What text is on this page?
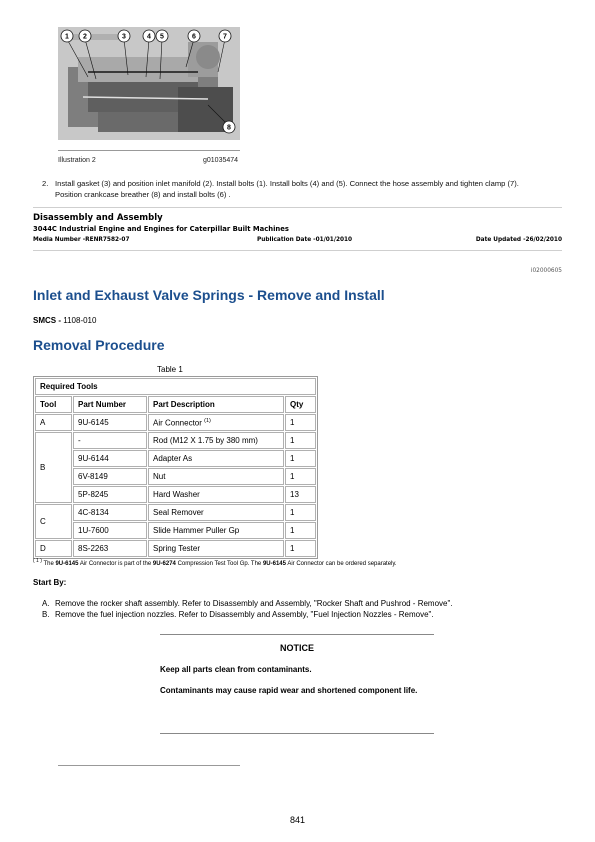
1 2	3	4 5	6	7
8
Illustration 2	g01035474
2. Install gasket (3) and position inlet manifold (2). Install bolts (1). Install bolts (4) and (5). Connect the hose assembly and tighten clamp (7). Position crankcase breather (8) and install bolts (6) .
Disassembly and Assembly
3044C Industrial Engine and Engines for Caterpillar Built Machines
Media Number -RENR7582-07	Publication Date -01/01/2010	Date Updated -26/02/2010
i02000605
Inlet and Exhaust Valve Springs - Remove and Install
SMCS - 1108-010
Removal Procedure
Table 1
Required Tools			
Tool	Part Number	Part Description	Qty
A	9U-6145	Air Connector $^{(1)}$	1
B	-	Rod (M12 X 1.75 by 380 mm)	1
	9U-6144	Adapter As	1
	6V-8149	Nut	1
	5P-8245	Hard Washer	13
C	4C-8134	Seal Remover	1
	1U-7600	Slide Hammer Puller Gp	1
D	8S-2263	Spring Tester	1
$^{( 1 )}$ The 9U-6145 Air Connector is part of the 9U-6274 Compression Test Tool Gp. The 9U-6145 Air Connector can be ordered separately.
Start By:
A. Remove the rocker shaft assembly. Refer to Disassembly and Assembly, "Rocker Shaft and Pushrod - Remove".
B. Remove the fuel injection nozzles. Refer to Disassembly and Assembly, "Fuel Injection Nozzles - Remove".
NOTICE
Keep all parts clean from contaminants.
Contaminants may cause rapid wear and shortened component life.
841
